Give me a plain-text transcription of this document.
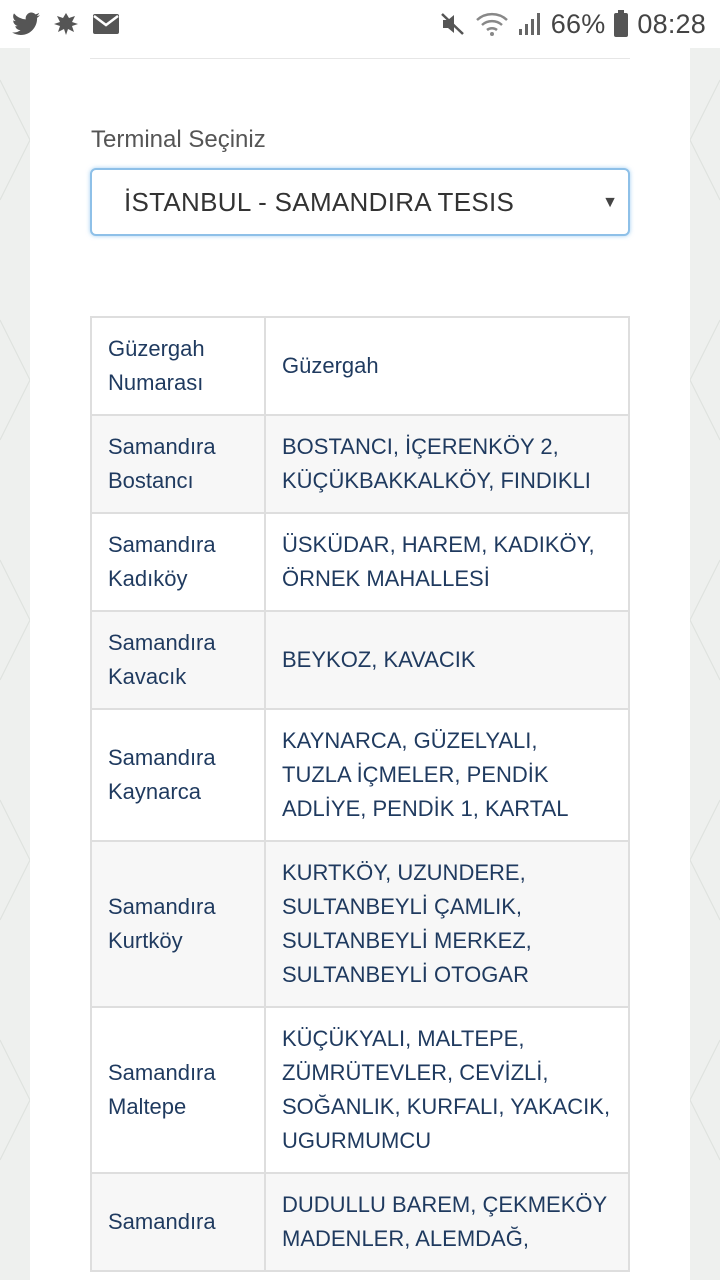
66% 08:28
Terminal Seçiniz
İSTANBUL - SAMANDIRA TESIS	▼
Güzergah Numarası	Güzergah
Samandıra Bostancı	BOSTANCI, İÇERENKÖY 2, KÜÇÜKBAKKALKÖY, FINDIKLI
Samandıra Kadıköy	ÜSKÜDAR, HAREM, KADIKÖY, ÖRNEK MAHALLESİ
Samandıra Kavacık	BEYKOZ, KAVACIK
Samandıra Kaynarca	KAYNARCA, GÜZELYALI, TUZLA İÇMELER, PENDİK ADLİYE, PENDİK 1, KARTAL
Samandıra Kurtköy	KURTKÖY, UZUNDERE, SULTANBEYLİ ÇAMLIK, SULTANBEYLİ MERKEZ, SULTANBEYLİ OTOGAR
Samandıra Maltepe	KÜÇÜKYALI, MALTEPE, ZÜMRÜTEVLER, CEVİZLİ, SOĞANLIK, KURFALI, YAKACIK, UGURMUMCU
Samandıra	DUDULLU BAREM, ÇEKMEKÖY MADENLER, ALEMDAĞ,
